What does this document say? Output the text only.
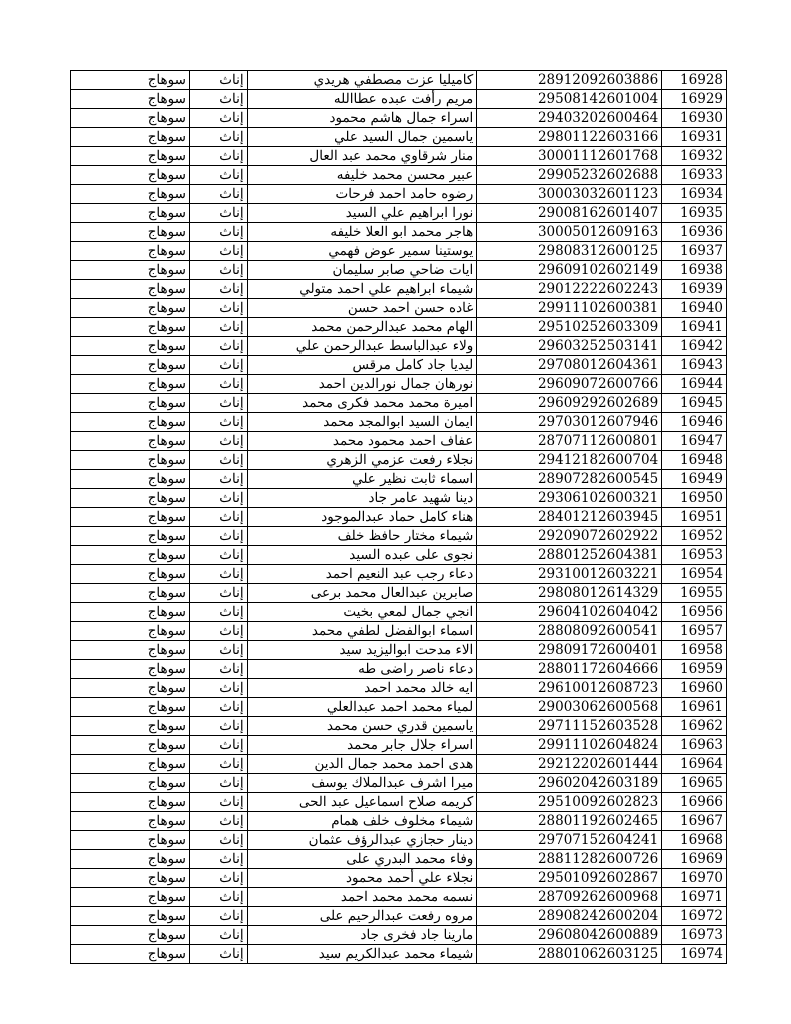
سوهاج	إناث	كاميليا عزت مصطفي هريدي	28912092603886	16928
سوهاج	إناث	مريم رأفت عبده عطاالله	29508142601004	16929
سوهاج	إناث	اسراء جمال هاشم محمود	29403202600464	16930
سوهاج	إناث	ياسمين جمال السيد علي	29801122603166	16931
سوهاج	إناث	منار شرقاوي محمد عبد العال	30001112601768	16932
سوهاج	إناث	عبير محسن محمد خليفه	29905232602688	16933
سوهاج	إناث	رضوه حامد احمد فرحات	30003032601123	16934
سوهاج	إناث	نورا ابراهيم علي السيد	29008162601407	16935
سوهاج	إناث	هاجر محمد ابو العلا خليفه	30005012609163	16936
سوهاج	إناث	يوستينا سمير عوض فهمي	29808312600125	16937
سوهاج	إناث	ايات ضاحي صابر سليمان	29609102602149	16938
سوهاج	إناث	شيماء ابراهيم علي احمد متولي	29012222602243	16939
سوهاج	إناث	غاده حسن احمد حسن	29911102600381	16940
سوهاج	إناث	الهام محمد عبدالرحمن محمد	29510252603309	16941
سوهاج	إناث	ولاء عبدالباسط عبدالرحمن علي	29603252503141	16942
سوهاج	إناث	ليديا جاد كامل مرقس	29708012604361	16943
سوهاج	إناث	نورهان جمال نورالدين احمد	29609072600766	16944
سوهاج	إناث	اميرة محمد محمد فكرى محمد	29609292602689	16945
سوهاج	إناث	ايمان السيد ابوالمجد محمد	29703012607946	16946
سوهاج	إناث	عفاف احمد محمود محمد	28707112600801	16947
سوهاج	إناث	نجلاء رفعت عزمي الزهري	29412182600704	16948
سوهاج	إناث	اسماء ثابت نظير علي	28907282600545	16949
سوهاج	إناث	دينا شهيد عامر جاد	29306102600321	16950
سوهاج	إناث	هناء كامل حماد عبدالموجود	28401212603945	16951
سوهاج	إناث	شيماء مختار حافظ خلف	29209072602922	16952
سوهاج	إناث	نجوى على عبده السيد	28801252604381	16953
سوهاج	إناث	دعاء رجب عبد النعيم احمد	29310012603221	16954
سوهاج	إناث	صابرين عبدالعال محمد برعى	29808012614329	16955
سوهاج	إناث	انجي جمال لمعي بخيت	29604102604042	16956
سوهاج	إناث	اسماء ابوالفضل لطفي محمد	28808092600541	16957
سوهاج	إناث	الاء مدحت ابواليزيد سيد	29809172600401	16958
سوهاج	إناث	دعاء ناصر راضى طه	28801172604666	16959
سوهاج	إناث	ايه خالد محمد احمد	29610012608723	16960
سوهاج	إناث	لمياء محمد احمد عبدالعلي	29003062600568	16961
سوهاج	إناث	ياسمين قدري حسن محمد	29711152603528	16962
سوهاج	إناث	اسراء جلال جابر محمد	29911102604824	16963
سوهاج	إناث	هدى احمد محمد جمال الدين	29212202601444	16964
سوهاج	إناث	ميرا اشرف عبدالملاك يوسف	29602042603189	16965
سوهاج	إناث	كريمه صلاح اسماعيل عبد الحى	29510092602823	16966
سوهاج	إناث	شيماء مخلوف خلف همام	28801192602465	16967
سوهاج	إناث	دينار حجازي عبدالرؤف عثمان	29707152604241	16968
سوهاج	إناث	وفاء محمد البدري على	28811282600726	16969
سوهاج	إناث	نجلاء علي أحمد محمود	29501092602867	16970
سوهاج	إناث	نسمه محمد محمد احمد	28709262600968	16971
سوهاج	إناث	مروه رفعت عبدالرحيم على	28908242600204	16972
سوهاج	إناث	مارينا جاد فخرى جاد	29608042600889	16973
سوهاج	إناث	شيماء محمد عبدالكريم سيد	28801062603125	16974
